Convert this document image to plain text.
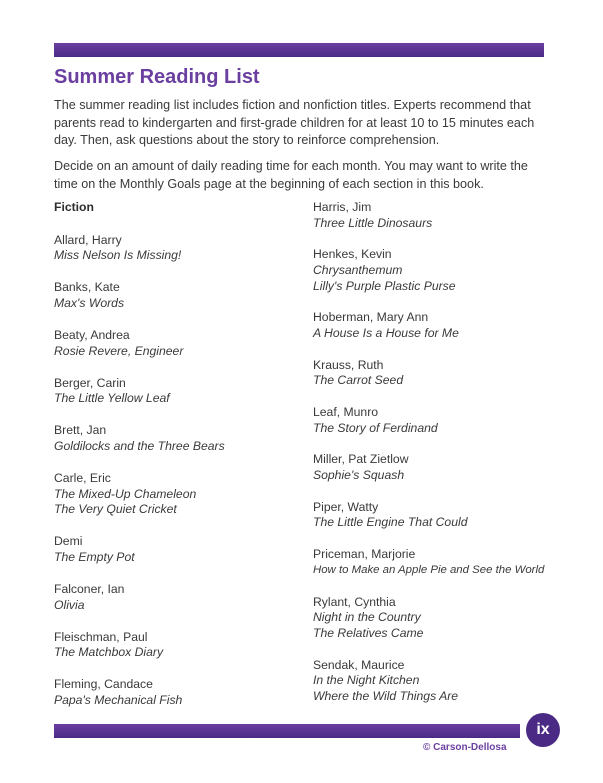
Summer Reading List

The summer reading list includes fiction and nonfiction titles. Experts recommend that parents read to kindergarten and first-grade children for at least 10 to 15 minutes each day. Then, ask questions about the story to reinforce comprehension.

Decide on an amount of daily reading time for each month. You may want to write the time on the Monthly Goals page at the beginning of each section in this book.

Fiction
Allard, Harry
Miss Nelson Is Missing!
Banks, Kate
Max's Words
Beaty, Andrea
Rosie Revere, Engineer
Berger, Carin
The Little Yellow Leaf
Brett, Jan
Goldilocks and the Three Bears
Carle, Eric
The Mixed-Up Chameleon
The Very Quiet Cricket
Demi
The Empty Pot
Falconer, Ian
Olivia
Fleischman, Paul
The Matchbox Diary
Fleming, Candace
Papa's Mechanical Fish
Harris, Jim
Three Little Dinosaurs
Henkes, Kevin
Chrysanthemum
Lilly's Purple Plastic Purse
Hoberman, Mary Ann
A House Is a House for Me
Krauss, Ruth
The Carrot Seed
Leaf, Munro
The Story of Ferdinand
Miller, Pat Zietlow
Sophie's Squash
Piper, Watty
The Little Engine That Could
Priceman, Marjorie
How to Make an Apple Pie and See the World
Rylant, Cynthia
Night in the Country
The Relatives Came
Sendak, Maurice
In the Night Kitchen
Where the Wild Things Are
ix
© Carson-Dellosa
